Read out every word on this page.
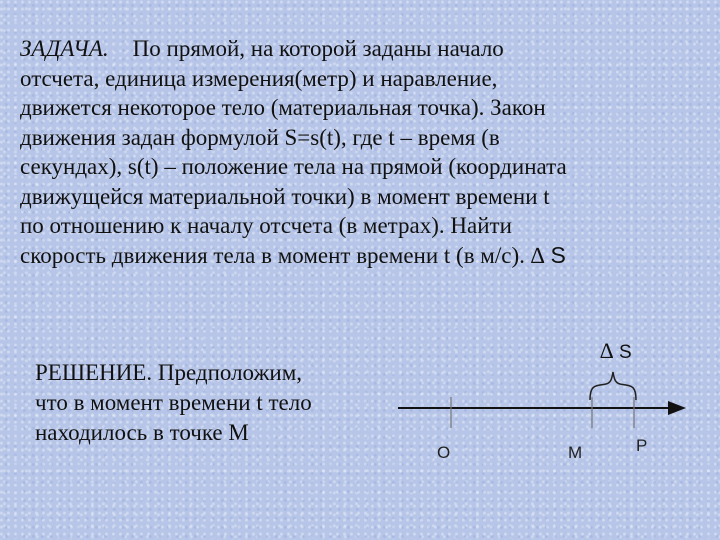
ЗАДАЧА. По прямой, на которой заданы начало
отсчета, единица измерения(метр) и наравление,
движется некоторое тело (материальная точка). Закон
движения задан формулой S=s(t), где t – время (в
секундах), s(t) – положение тела на прямой (координата
движущейся материальной точки) в момент времени t
по отношению к началу отсчета (в метрах). Найти
скорость движения тела в момент времени t (в м/с). ∆ S
РЕШЕНИЕ. Предположим,
что в момент времени t тело
находилось в точке М
O	M	P
∆ S
